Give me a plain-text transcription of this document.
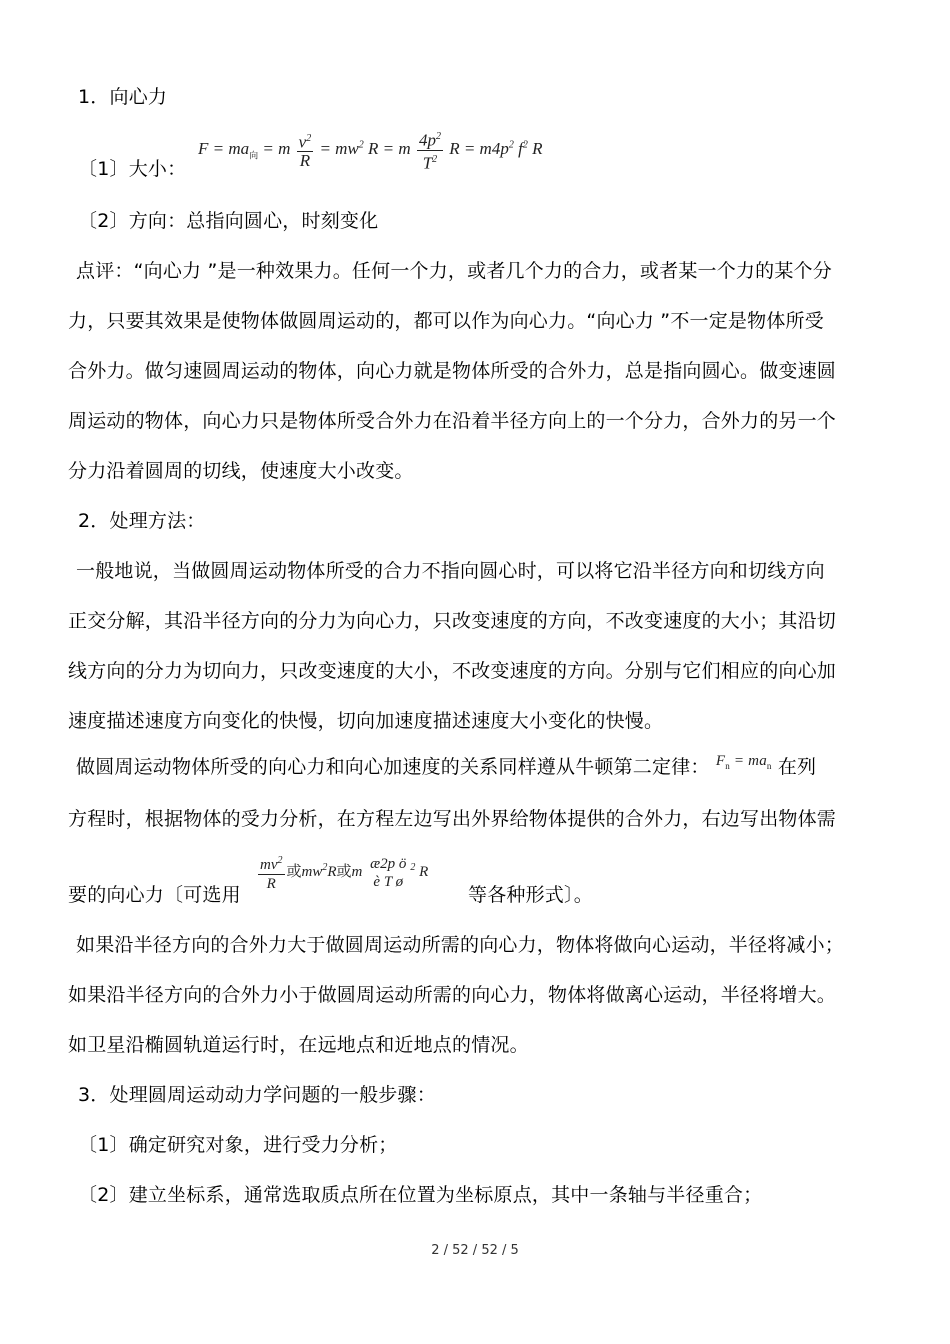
1．向心力
〔1〕大小：
$F = ma_向 = m \frac{v^2}{R} = mw^2$ R = m $\frac{4p^2}{T^2}$ $R = m4p^2$ $f^2$ R
〔2〕方向：总指向圆心，时刻变化
点评：“向心力 ”是一种效果力。任何一个力，或者几个力的合力，或者某一个力的某个分
力，只要其效果是使物体做圆周运动的，都可以作为向心力。“向心力 ”不一定是物体所受
合外力。做匀速圆周运动的物体，向心力就是物体所受的合外力，总是指向圆心。做变速圆
周运动的物体，向心力只是物体所受合外力在沿着半径方向上的一个分力，合外力的另一个
分力沿着圆周的切线，使速度大小改变。
2．处理方法：
一般地说，当做圆周运动物体所受的合力不指向圆心时，可以将它沿半径方向和切线方向
正交分解，其沿半径方向的分力为向心力，只改变速度的方向，不改变速度的大小；其沿切
线方向的分力为切向力，只改变速度的大小，不改变速度的方向。分别与它们相应的向心加
速度描述速度方向变化的快慢，切向加速度描述速度大小变化的快慢。
做圆周运动物体所受的向心力和向心加速度的关系同样遵从牛顿第二定律： $^{F_n = ma_n}$ 在列
方程时，根据物体的受力分析，在方程左边写出外界给物体提供的合外力，右边写出物体需
要的向心力〔可选用
$\frac{mv^2}{R}$ 或$mw^2R$或m
æ2p ö
è T ø
$^2$ R
等各种形式〕。
如果沿半径方向的合外力大于做圆周运动所需的向心力，物体将做向心运动，半径将减小；
如果沿半径方向的合外力小于做圆周运动所需的向心力，物体将做离心运动，半径将增大。
如卫星沿椭圆轨道运行时，在远地点和近地点的情况。
3．处理圆周运动动力学问题的一般步骤：
〔1〕确定研究对象，进行受力分析；
〔2〕建立坐标系，通常选取质点所在位置为坐标原点，其中一条轴与半径重合；
2 / 52 / 52 / 5
